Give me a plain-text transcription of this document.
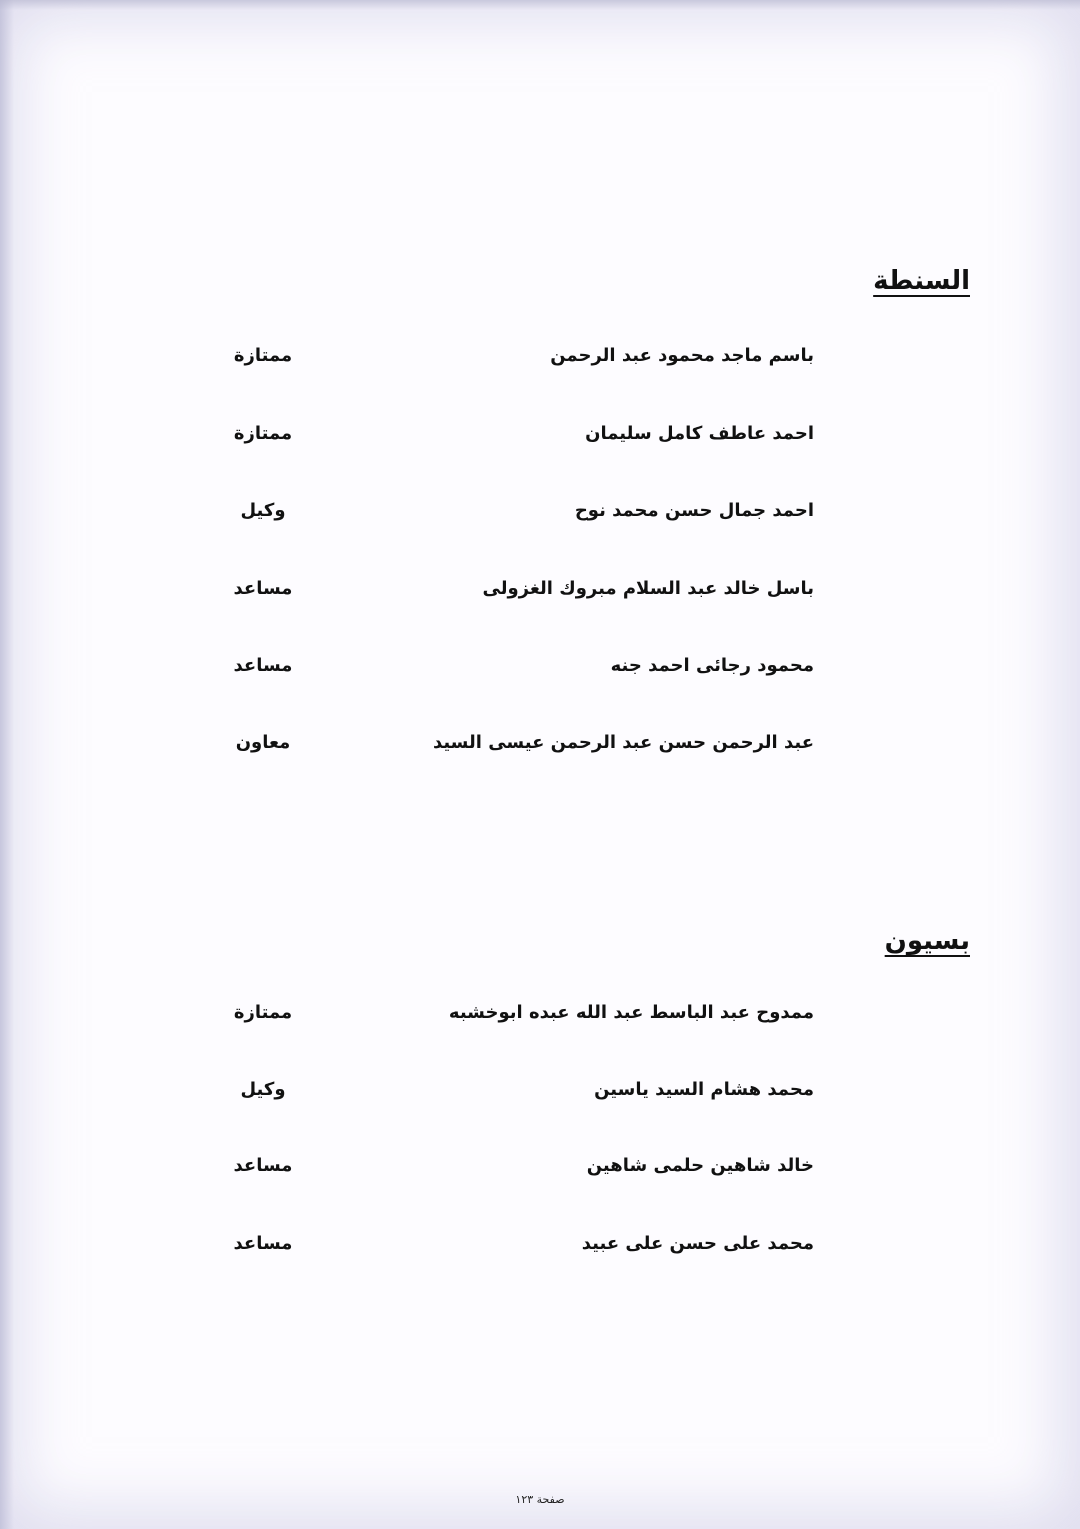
السنطة
باسم ماجد محمود عبد الرحمن
ممتازة
احمد عاطف كامل سليمان
ممتازة
احمد جمال حسن محمد نوح
وكيل
باسل خالد عبد السلام مبروك الغزولى
مساعد
محمود رجائى احمد جنه
مساعد
عبد الرحمن حسن عبد الرحمن عيسى السيد
معاون
بسيون
ممدوح عبد الباسط عبد الله عبده ابوخشبه
ممتازة
محمد هشام السيد ياسين
وكيل
خالد شاهين حلمى شاهين
مساعد
محمد على حسن على عبيد
مساعد
صفحة ١٢٣
